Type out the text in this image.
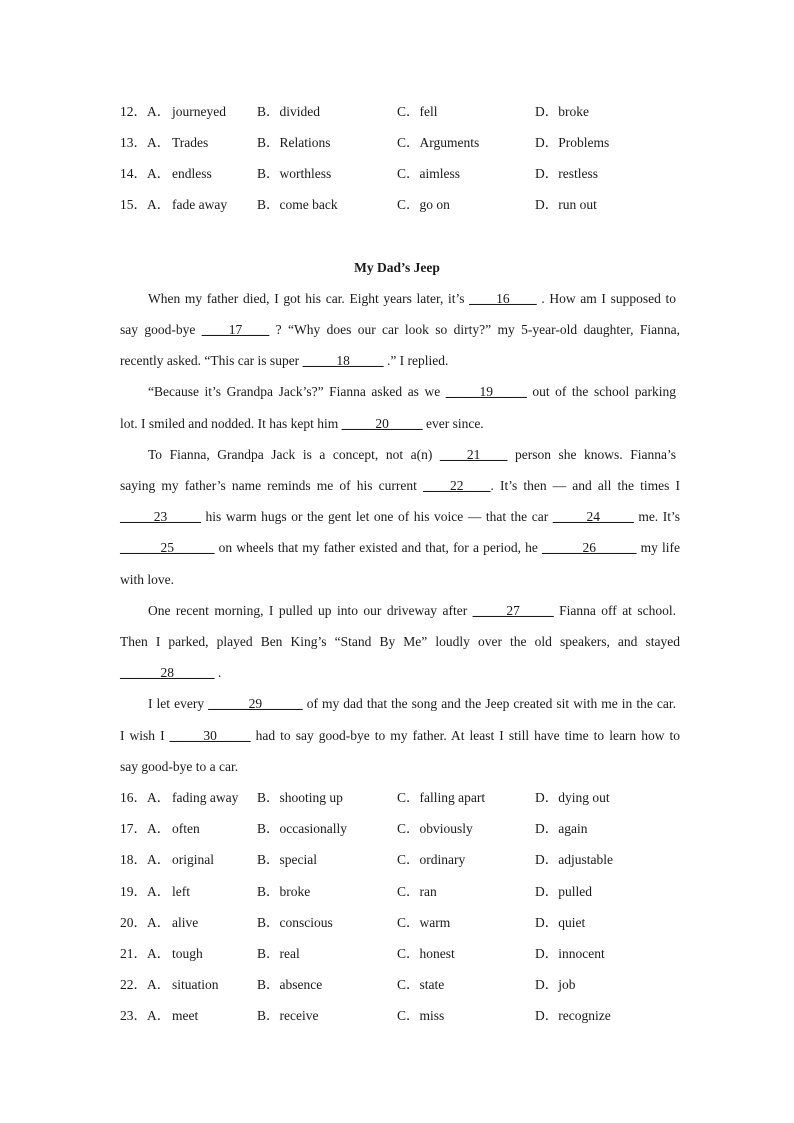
12．A． journeyed B．divided	C．fell	D．broke
13．A． Trades	B．Relations	C．Arguments	D．Problems
14．A． endless	B．worthless	C．aimless	D．restless
15．A． fade away B．come back	C．go on	D．run out
My Dad’s Jeep
When my father died, I got his car. Eight years later, it’s ____16____ . How am I supposed to
say good-bye ____17____ ? “Why does our car look so dirty?” my 5-year-old daughter, Fianna,
recently asked. “This car is super _____18_____ .” I replied.
“Because it’s Grandpa Jack’s?” Fianna asked as we _____19_____ out of the school parking
lot. I smiled and nodded. It has kept him _____20_____ ever since.
To Fianna, Grandpa Jack is a concept, not a(n) ____21____ person she knows. Fianna’s
saying my father’s name reminds me of his current ____22____. It’s then — and all the times I
_____23_____ his warm hugs or the gent let one of his voice — that the car _____24_____ me. It’s
______25______ on wheels that my father existed and that, for a period, he ______26______ my life
with love.
One recent morning, I pulled up into our driveway after _____27_____ Fianna off at school.
Then I parked, played Ben King’s “Stand By Me” loudly over the old speakers, and stayed
______28______ .
I let every ______29______ of my dad that the song and the Jeep created sit with me in the car.
I wish I _____30_____ had to say good-bye to my father. At least I still have time to learn how to
say good-bye to a car.
16．A． fading away B．shooting up	C．falling apart	D．dying out
17．A． often	B．occasionally	C．obviously	D．again
18．A． original	B．special	C．ordinary	D．adjustable
19．A． left	B．broke	C．ran	D．pulled
20．A． alive	B．conscious	C．warm	D．quiet
21．A． tough	B．real	C．honest	D．innocent
22．A． situation	B．absence	C．state	D．job
23．A． meet	B．receive	C．miss	D．recognize
